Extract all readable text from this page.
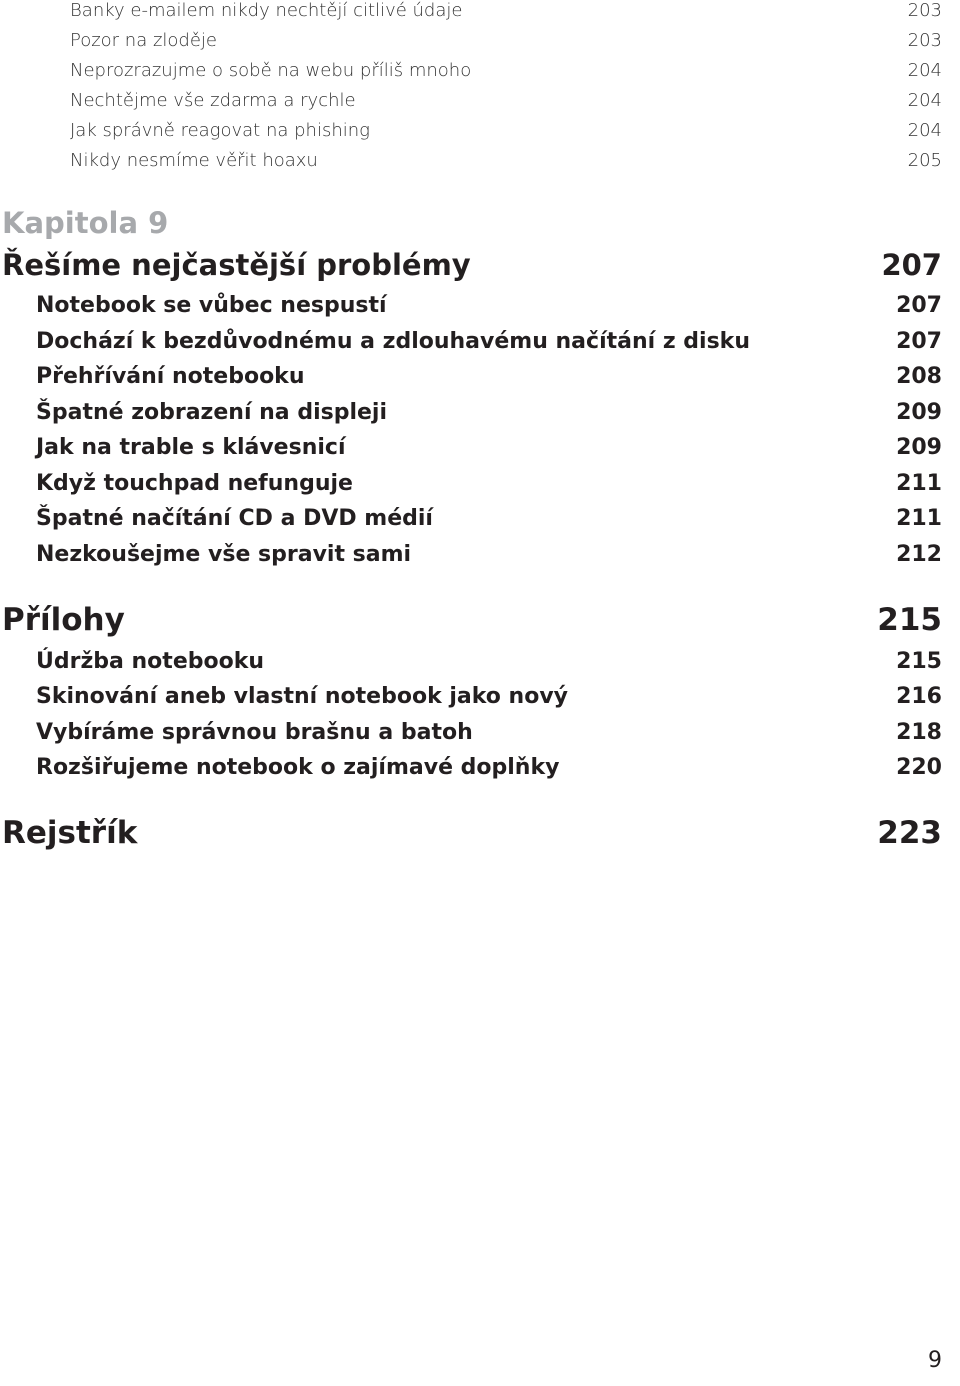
Banky e-mailem nikdy nechtějí citlivé údaje	203
Pozor na zloděje	203
Neprozrazujme o sobě na webu příliš mnoho	204
Nechtějme vše zdarma a rychle	204
Jak správně reagovat na phishing	204
Nikdy nesmíme věřit hoaxu	205
Kapitola 9
Řešíme nejčastější problémy	207
Notebook se vůbec nespustí	207
Dochází k bezdůvodnému a zdlouhavému načítání z disku	207
Přehřívání notebooku	208
Špatné zobrazení na displeji	209
Jak na trable s klávesnicí	209
Když touchpad nefunguje	211
Špatné načítání CD a DVD médií	211
Nezkoušejme vše spravit sami	212
Přílohy	215
Údržba notebooku	215
Skinování aneb vlastní notebook jako nový	216
Vybíráme správnou brašnu a batoh	218
Rozšiřujeme notebook o zajímavé doplňky	220
Rejstřík	223
9
